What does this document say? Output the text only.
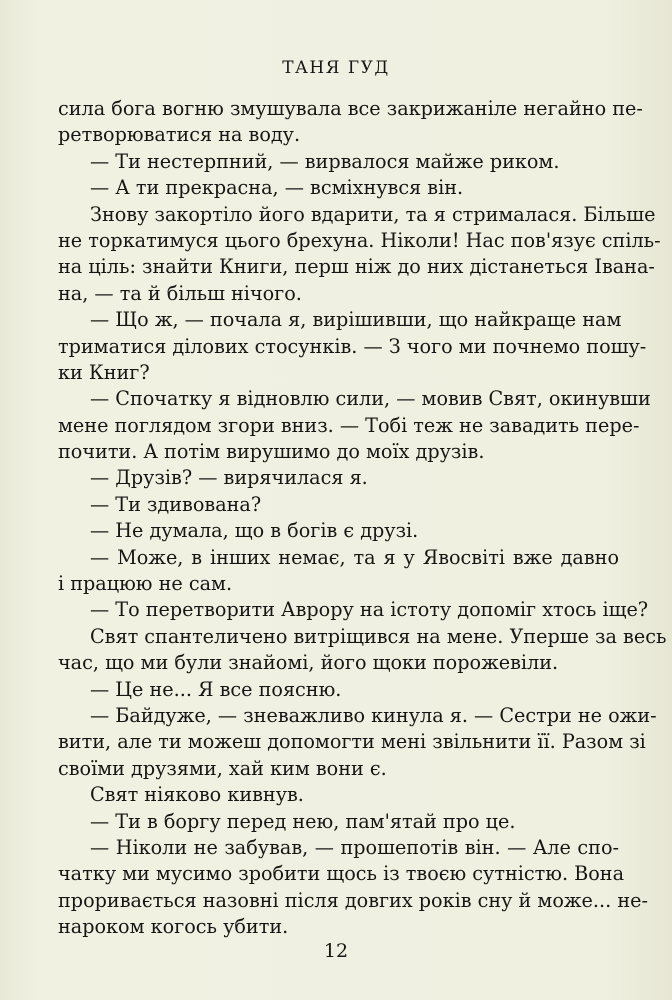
ТАНЯ ГУД
сила бога вогню змушувала все закрижаніле негайно пе-
ретворюватися на воду.
— Ти нестерпний, — вирвалося майже риком.
— А ти прекрасна, — всміхнувся він.
Знову закортіло його вдарити, та я стрималася. Більше
не торкатимуся цього брехуна. Ніколи! Нас пов'язує спіль-
на ціль: знайти Книги, перш ніж до них дістанеться Івана-
на, — та й більш нічого.
— Що ж, — почала я, вирішивши, що найкраще нам
триматися ділових стосунків. — З чого ми почнемо пошу-
ки Книг?
— Спочатку я відновлю сили, — мовив Свят, окинувши
мене поглядом згори вниз. — Тобі теж не завадить пере-
почити. А потім вирушимо до моїх друзів.
— Друзів? — вирячилася я.
— Ти здивована?
— Не думала, що в богів є друзі.
— Може, в інших немає, та я у Явосвіті вже давно
і працюю не сам.
— То перетворити Аврору на істоту допоміг хтось іще?
Свят спантеличено витріщився на мене. Уперше за весь
час, що ми були знайомі, його щоки порожевіли.
— Це не... Я все поясню.
— Байдуже, — зневажливо кинула я. — Сестри не ожи-
вити, але ти можеш допомогти мені звільнити її. Разом зі
своїми друзями, хай ким вони є.
Свят ніяково кивнув.
— Ти в боргу перед нею, пам'ятай про це.
— Ніколи не забував, — прошепотів він. — Але спо-
чатку ми мусимо зробити щось із твоєю сутністю. Вона
проривається назовні після довгих років сну й може... не-
нароком когось убити.
12
